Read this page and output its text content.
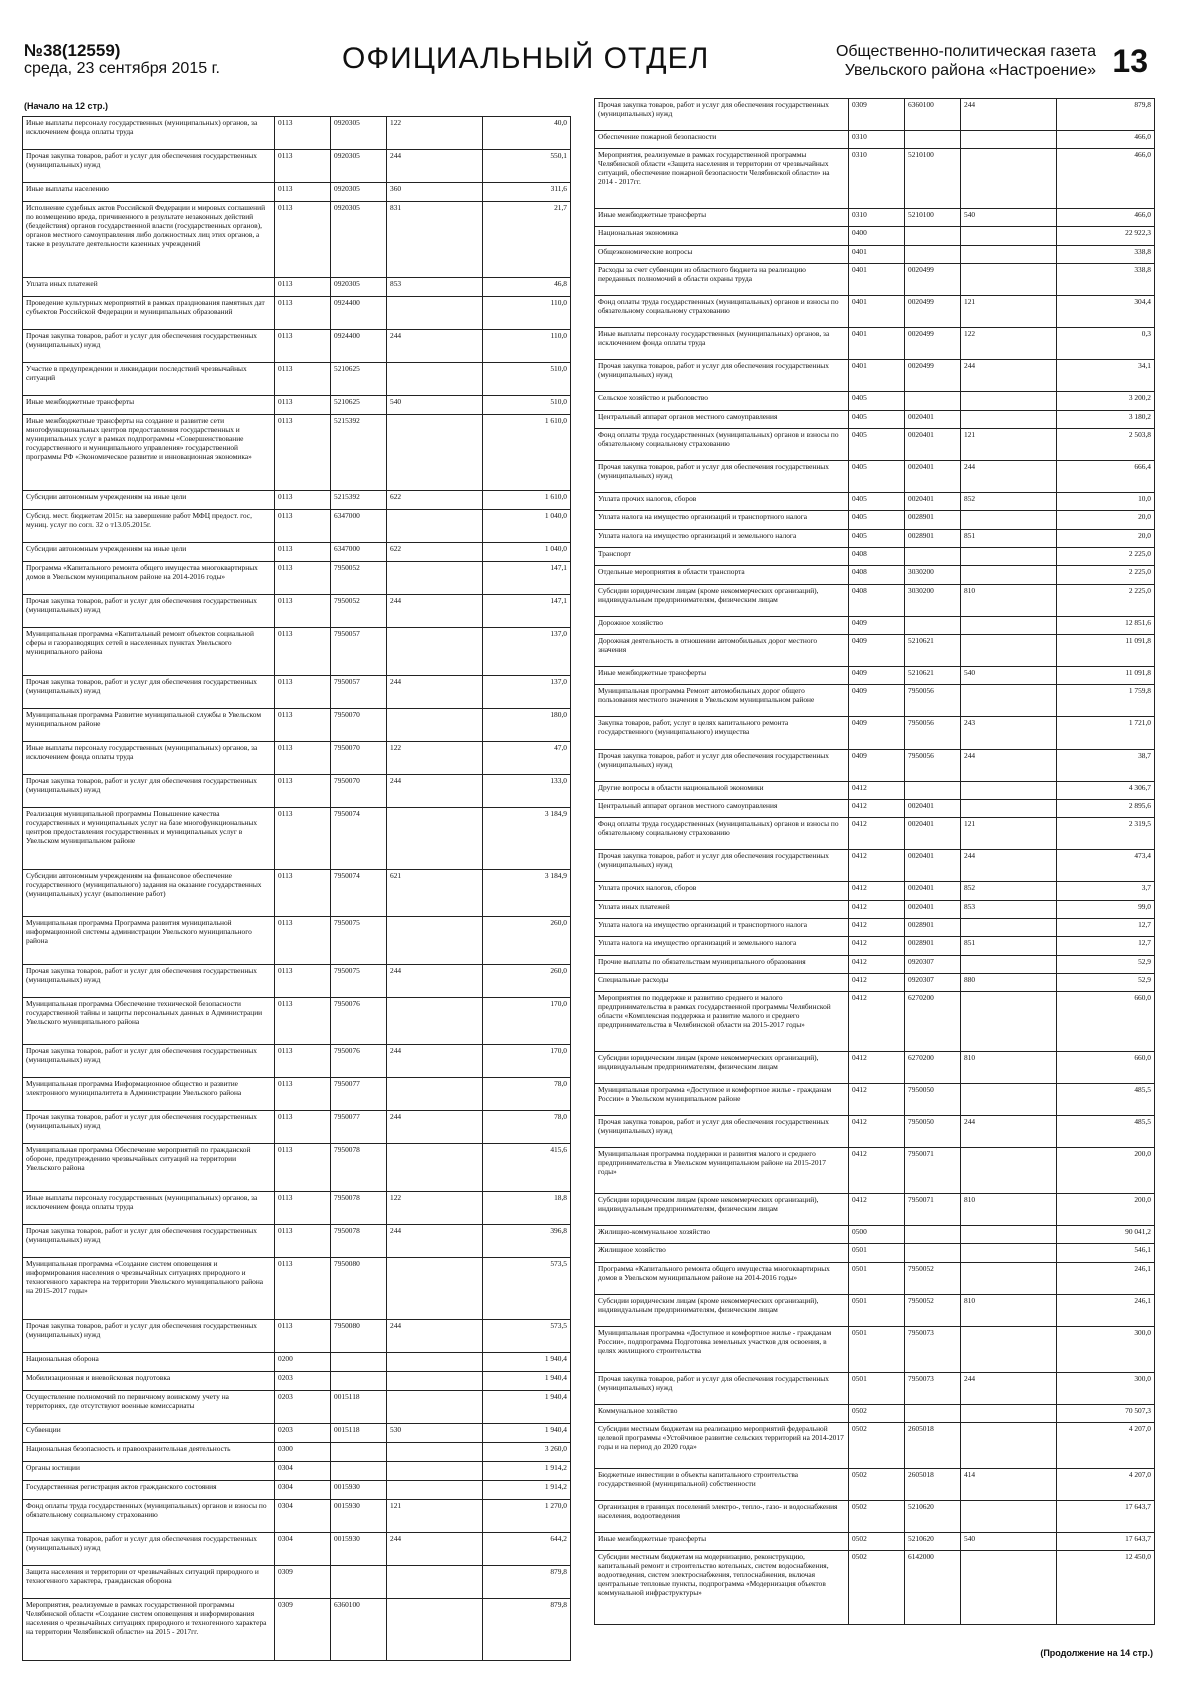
№38(12559)
среда, 23 сентября 2015 г.	ОФИЦИАЛЬНЫЙ ОТДЕЛ	Общественно-политическая газета
Увельского района «Настроение» 13
(Начало на 12 стр.)
Иные выплаты персоналу государственных (муниципальных) органов, за исключением фонда оплаты труда	0113	0920305	122	40,0
Прочая закупка товаров, работ и услуг для обеспечения государственных (муниципальных) нужд	0113	0920305	244	550,1
Иные выплаты населению	0113	0920305	360	311,6
Исполнение судебных актов Российской Федерации и мировых соглашений по возмещению вреда, причиненного в результате незаконных действий (бездействия) органов государственной власти (государственных органов), органов местного самоуправления либо должностных лиц этих органов, а также в результате деятельности казенных учреждений	0113	0920305	831	21,7
Уплата иных платежей	0113	0920305	853	46,8
Проведение культурных мероприятий в рамках празднования памятных дат субъектов Российской Федерации и муниципальных образований	0113	0924400		110,0
Прочая закупка товаров, работ и услуг для обеспечения государственных (муниципальных) нужд	0113	0924400	244	110,0
Участие в предупреждении и ликвидации последствий чрезвычайных ситуаций	0113	5210625		510,0
Иные межбюджетные трансферты	0113	5210625	540	510,0
Иные межбюджетные трансферты на создание и развитие сети многофункциональных центров предоставления государственных и муниципальных услуг в рамках подпрограммы «Совершенствование государственного и муниципального управления» государственной программы РФ «Экономическое развитие и инновационная экономика»	0113	5215392		1 610,0
Субсидии автономным учреждениям на иные цели	0113	5215392	622	1 610,0
Субсид. мест. бюджетам 2015г. на завершение работ МФЦ предост. гос, муниц. услуг по согл. 32 о т13.05.2015г.	0113	6347000		1 040,0
Субсидии автономным учреждениям на иные цели	0113	6347000	622	1 040,0
Программа «Капитального ремонта общего имущества многоквартирных домов в Увельском муниципальном районе на 2014-2016 годы»	0113	7950052		147,1
Прочая закупка товаров, работ и услуг для обеспечения государственных (муниципальных) нужд	0113	7950052	244	147,1
Муниципальная программа «Капитальный ремонт объектов социальной сферы и газоразводящих сетей в населенных пунктах Увельского муниципального района	0113	7950057		137,0
Прочая закупка товаров, работ и услуг для обеспечения государственных (муниципальных) нужд	0113	7950057	244	137,0
Муниципальная программа Развитие муниципальной службы в Увельском муниципальном районе	0113	7950070		180,0
Иные выплаты персоналу государственных (муниципальных) органов, за исключением фонда оплаты труда	0113	7950070	122	47,0
Прочая закупка товаров, работ и услуг для обеспечения государственных (муниципальных) нужд	0113	7950070	244	133,0
Реализация муниципальной программы Повышение качества государственных и муниципальных услуг на базе многофункциональных центров предоставления государственных и муниципальных услуг в Увельском муниципальном районе	0113	7950074		3 184,9
Субсидии автономным учреждениям на финансовое обеспечение государственного (муниципального) задания на оказание государственных (муниципальных) услуг (выполнение работ)	0113	7950074	621	3 184,9
Муниципальная программа Программа развития муниципальной информационной системы администрации Увельского муниципального района	0113	7950075		260,0
Прочая закупка товаров, работ и услуг для обеспечения государственных (муниципальных) нужд	0113	7950075	244	260,0
Муниципальная программа Обеспечение технической безопасности государственной тайны и защиты персональных данных в Администрации Увельского муниципального района	0113	7950076		170,0
Прочая закупка товаров, работ и услуг для обеспечения государственных (муниципальных) нужд	0113	7950076	244	170,0
Муниципальная программа Информационное общество и развитие электронного муниципалитета в Администрации Увельского района	0113	7950077		78,0
Прочая закупка товаров, работ и услуг для обеспечения государственных (муниципальных) нужд	0113	7950077	244	78,0
Муниципальная программа Обеспечение мероприятий по гражданской обороне, предупреждению чрезвычайных ситуаций на территории Увельского района	0113	7950078		415,6
Иные выплаты персоналу государственных (муниципальных) органов, за исключением фонда оплаты труда	0113	7950078	122	18,8
Прочая закупка товаров, работ и услуг для обеспечения государственных (муниципальных) нужд	0113	7950078	244	396,8
Муниципальная программа «Создание систем оповещения и информирования населения о чрезвычайных ситуациях природного и техногенного характера на территории Увельского муниципального района на 2015-2017 годы»	0113	7950080		573,5
Прочая закупка товаров, работ и услуг для обеспечения государственных (муниципальных) нужд	0113	7950080	244	573,5
Национальная оборона	0200			1 940,4
Мобилизационная и вневойсковая подготовка	0203			1 940,4
Осуществление полномочий по первичному воинскому учету на территориях, где отсутствуют военные комиссариаты	0203	0015118		1 940,4
Субвенции	0203	0015118	530	1 940,4
Национальная безопасность и правоохранительная деятельность	0300			3 260,0
Органы юстиции	0304			1 914,2
Государственная регистрация актов гражданского состояния	0304	0015930		1 914,2
Фонд оплаты труда государственных (муниципальных) органов и взносы по обязательному социальному страхованию	0304	0015930	121	1 270,0
Прочая закупка товаров, работ и услуг для обеспечения государственных (муниципальных) нужд	0304	0015930	244	644,2
Защита населения и территории от чрезвычайных ситуаций природного и техногенного характера, гражданская оборона	0309			879,8
Мероприятия, реализуемые в рамках государственной программы Челябинской области «Создание систем оповещения и информирования населения о чрезвычайных ситуациях природного и техногенного характера на территории Челябинской области» на 2015 - 2017гг.	0309	6360100		879,8
Прочая закупка товаров, работ и услуг для обеспечения государственных (муниципальных) нужд	0309	6360100	244	879,8
Обеспечение пожарной безопасности	0310			466,0
Мероприятия, реализуемые в рамках государственной программы Челябинской области «Защита населения и территории от чрезвычайных ситуаций, обеспечение пожарной безопасности Челябинской области» на 2014 - 2017гг.	0310	5210100		466,0
Иные межбюджетные трансферты	0310	5210100	540	466,0
Национальная экономика	0400			22 922,3
Общеэкономические вопросы	0401			338,8
Расходы за счет субвенции из областного бюджета на реализацию переданных полномочий в области охраны труда	0401	0020499		338,8
Фонд оплаты труда государственных (муниципальных) органов и взносы по обязательному социальному страхованию	0401	0020499	121	304,4
Иные выплаты персоналу государственных (муниципальных) органов, за исключением фонда оплаты труда	0401	0020499	122	0,3
Прочая закупка товаров, работ и услуг для обеспечения государственных (муниципальных) нужд	0401	0020499	244	34,1
Сельское хозяйство и рыболовство	0405			3 200,2
Центральный аппарат органов местного самоуправления	0405	0020401		3 180,2
Фонд оплаты труда государственных (муниципальных) органов и взносы по обязательному социальному страхованию	0405	0020401	121	2 503,8
Прочая закупка товаров, работ и услуг для обеспечения государственных (муниципальных) нужд	0405	0020401	244	666,4
Уплата прочих налогов, сборов	0405	0020401	852	10,0
Уплата налога на имущество организаций и транспортного налога	0405	0028901		20,0
Уплата налога на имущество организаций и земельного налога	0405	0028901	851	20,0
Транспорт	0408			2 225,0
Отдельные мероприятия в области транспорта	0408	3030200		2 225,0
Субсидии юридическим лицам (кроме некоммерческих организаций), индивидуальным предпринимателям, физическим лицам	0408	3030200	810	2 225,0
Дорожное хозяйство	0409			12 851,6
Дорожная деятельность в отношении автомобильных дорог местного значения	0409	5210621		11 091,8
Иные межбюджетные трансферты	0409	5210621	540	11 091,8
Муниципальная программа Ремонт автомобильных дорог общего пользования местного значения в Увельском муниципальном районе	0409	7950056		1 759,8
Закупка товаров, работ, услуг в целях капитального ремонта государственного (муниципального) имущества	0409	7950056	243	1 721,0
Прочая закупка товаров, работ и услуг для обеспечения государственных (муниципальных) нужд	0409	7950056	244	38,7
Другие вопросы в области национальной экономики	0412			4 306,7
Центральный аппарат органов местного самоуправления	0412	0020401		2 895,6
Фонд оплаты труда государственных (муниципальных) органов и взносы по обязательному социальному страхованию	0412	0020401	121	2 319,5
Прочая закупка товаров, работ и услуг для обеспечения государственных (муниципальных) нужд	0412	0020401	244	473,4
Уплата прочих налогов, сборов	0412	0020401	852	3,7
Уплата иных платежей	0412	0020401	853	99,0
Уплата налога на имущество организаций и транспортного налога	0412	0028901		12,7
Уплата налога на имущество организаций и земельного налога	0412	0028901	851	12,7
Прочие выплаты по обязательствам муниципального образования	0412	0920307		52,9
Специальные расходы	0412	0920307	880	52,9
Мероприятия по поддержке и развитию среднего и малого предпринимательства в рамках государственной программы Челябинской области «Комплексная поддержка и развитие малого и среднего предпринимательства в Челябинской области на 2015-2017 годы»	0412	6270200		660,0
Субсидии юридическим лицам (кроме некоммерческих организаций), индивидуальным предпринимателям, физическим лицам	0412	6270200	810	660,0
Муниципальная программа «Доступное и комфортное жилье - гражданам России» в Увельском муниципальном районе	0412	7950050		485,5
Прочая закупка товаров, работ и услуг для обеспечения государственных (муниципальных) нужд	0412	7950050	244	485,5
Муниципальная программа поддержки и развития малого и среднего предпринимательства в Увельском муниципальном районе на 2015-2017 годы»	0412	7950071		200,0
Субсидии юридическим лицам (кроме некоммерческих организаций), индивидуальным предпринимателям, физическим лицам	0412	7950071	810	200,0
Жилищно-коммунальное хозяйство	0500			90 041,2
Жилищное хозяйство	0501			546,1
Программа «Капитального ремонта общего имущества многоквартирных домов в Увельском муниципальном районе на 2014-2016 годы»	0501	7950052		246,1
Субсидии юридическим лицам (кроме некоммерческих организаций), индивидуальным предпринимателям, физическим лицам	0501	7950052	810	246,1
Муниципальная программа «Доступное и комфортное жилье - гражданам России», подпрограмма Подготовка земельных участков для освоения, в целях жилищного строительства	0501	7950073		300,0
Прочая закупка товаров, работ и услуг для обеспечения государственных (муниципальных) нужд	0501	7950073	244	300,0
Коммунальное хозяйство	0502			70 507,3
Субсидии местным бюджетам на реализацию мероприятий федеральной целевой программы «Устойчивое развитие сельских территорий на 2014-2017 годы и на период до 2020 года»	0502	2605018		4 207,0
Бюджетные инвестиции в объекты капитального строительства государственной (муниципальной) собственности	0502	2605018	414	4 207,0
Организация в границах поселений электро-, тепло-, газо- и водоснабжения населения, водоотведения	0502	5210620		17 643,7
Иные межбюджетные трансферты	0502	5210620	540	17 643,7
Субсидии местным бюджетам на модернизацию, реконструкцию, капитальный ремонт и строительство котельных, систем водоснабжения, водоотведения, систем электроснабжения, теплоснабжения, включая центральные тепловые пункты, подпрограмма «Модернизация объектов коммунальной инфраструктуры»	0502	6142000		12 450,0
(Продолжение на 14 стр.)
